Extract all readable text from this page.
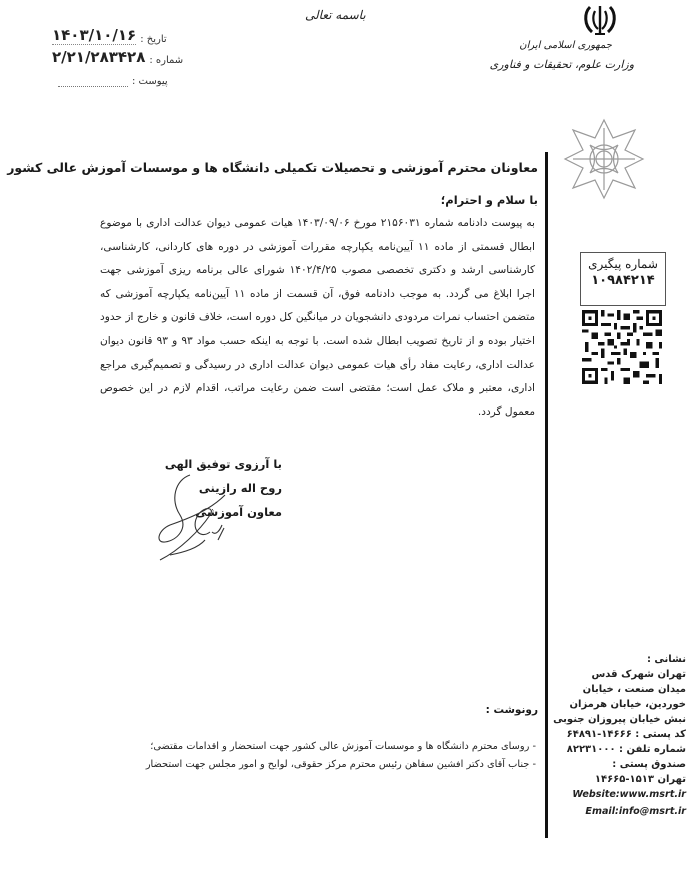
تاریخ :
۱۴۰۳/۱۰/۱۶
شماره :
۲/۲۱/۲۸۳۴۲۸
پیوست :
باسمه تعالی
جمهوری اسلامی ایران
وزارت علوم، تحقیقات و فناوری
شماره پیگیری
۱۰۹۸۴۲۱۴
معاونان محترم آموزشی و تحصیلات تکمیلی دانشگاه ها و موسسات آموزش عالی کشور
با سلام و احترام؛

به پیوست دادنامه شماره ۲۱۵۶۰۳۱ مورخ ۱۴۰۳/۰۹/۰۶ هیات عمومی دیوان عدالت اداری با موضوع ابطال قسمتی از ماده ۱۱ آیین‌نامه یکپارچه مقررات آموزشی در دوره های کاردانی، کارشناسی، کارشناسی ارشد و دکتری تخصصی مصوب ۱۴۰۲/۴/۲۵ شورای عالی برنامه ریزی آموزشی جهت اجرا ابلاغ می گردد. به موجب دادنامه فوق، آن قسمت از ماده ۱۱ آیین‌نامه یکپارچه آموزشی که متضمن احتساب نمرات مردودی دانشجویان در میانگین کل دوره است، خلاف قانون و خارج از حدود اختیار بوده و از تاریخ تصویب ابطال شده است. با توجه به اینکه حسب مواد ۹۳ و ۹۳ قانون دیوان عدالت اداری، رعایت مفاد رأی هیات عمومی دیوان عدالت اداری در رسیدگی و تصمیم‌گیری مراجع اداری، معتبر و ملاک عمل است؛ مقتضی است ضمن رعایت مراتب، اقدام لازم در این خصوص معمول گردد.

با آرزوی توفیق الهی
روح اله رازینی
معاون آموزشی
رونوشت :
- روسای محترم دانشگاه ها و موسسات آموزش عالی کشور جهت استحضار و اقدامات مقتضی؛
- جناب آقای دکتر افشین سفاهن رئیس محترم مرکز حقوقی، لوایح و امور مجلس جهت استحضار
نشانی :
تهران شهرک قدس
میدان صنعت ، خیابان
خوردین، خیابان هرمزان
نبش خیابان پیروزان جنوبی
کد پستی : ۱۴۶۶۶-۶۴۸۹۱
شماره تلفن : ۸۲۲۳۱۰۰۰
صندوق پستی :
تهران ۱۵۱۳-۱۴۶۶۵
Website:www.msrt.ir
Email:info@msrt.ir
